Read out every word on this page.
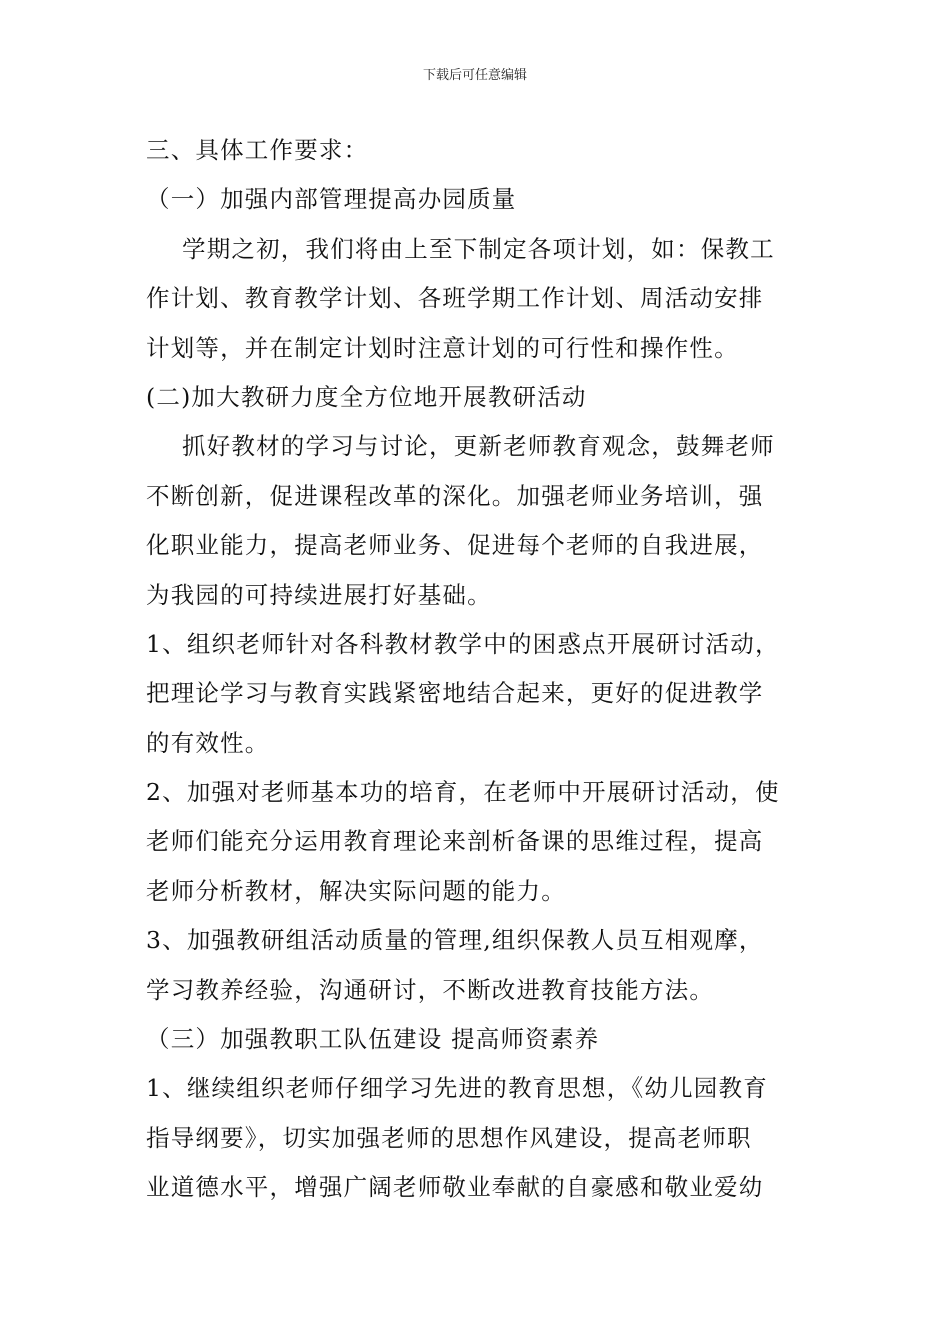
下载后可任意编辑
三、具体工作要求：
（一）加强内部管理提高办园质量
学期之初，我们将由上至下制定各项计划，如：保教工
作计划、教育教学计划、各班学期工作计划、周活动安排
计划等，并在制定计划时注意计划的可行性和操作性。
(二)加大教研力度全方位地开展教研活动
抓好教材的学习与讨论，更新老师教育观念，鼓舞老师
不断创新，促进课程改革的深化。加强老师业务培训，强
化职业能力，提高老师业务、促进每个老师的自我进展，
为我园的可持续进展打好基础。
1、组织老师针对各科教材教学中的困惑点开展研讨活动，
把理论学习与教育实践紧密地结合起来，更好的促进教学
的有效性。
2、加强对老师基本功的培育，在老师中开展研讨活动，使
老师们能充分运用教育理论来剖析备课的思维过程，提高
老师分析教材，解决实际问题的能力。
3、加强教研组活动质量的管理,组织保教人员互相观摩，
学习教养经验，沟通研讨，不断改进教育技能方法。
（三）加强教职工队伍建设 提高师资素养
1、继续组织老师仔细学习先进的教育思想，《幼儿园教育
指导纲要》，切实加强老师的思想作风建设，提高老师职
业道德水平，增强广阔老师敬业奉献的自豪感和敬业爱幼
